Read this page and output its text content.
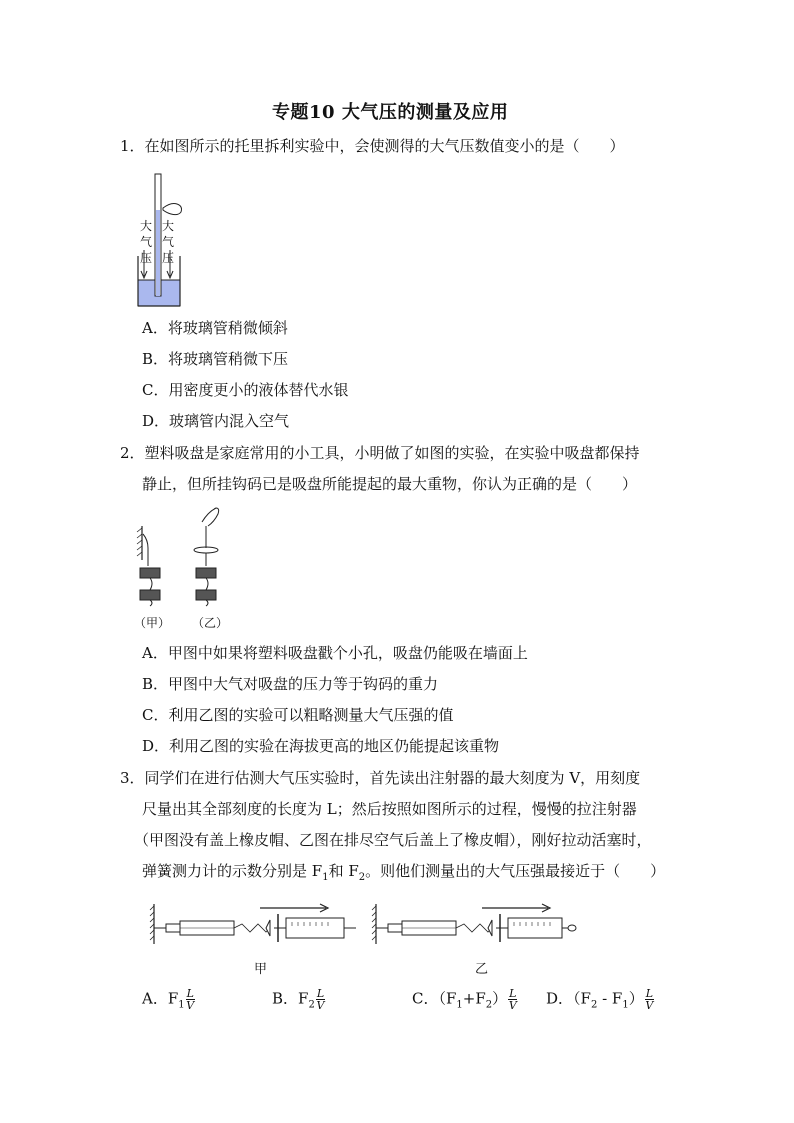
专题10 大气压的测量及应用
1．在如图所示的托里拆利实验中，会使测得的大气压数值变小的是（　　）
大气压
大气压
A．将玻璃管稍微倾斜
B．将玻璃管稍微下压
C．用密度更小的液体替代水银
D．玻璃管内混入空气
2．塑料吸盘是家庭常用的小工具，小明做了如图的实验，在实验中吸盘都保持
静止，但所挂钩码已是吸盘所能提起的最大重物，你认为正确的是（　　）
（甲） （乙）
A．甲图中如果将塑料吸盘戳个小孔，吸盘仍能吸在墙面上
B．甲图中大气对吸盘的压力等于钩码的重力
C．利用乙图的实验可以粗略测量大气压强的值
D．利用乙图的实验在海拔更高的地区仍能提起该重物
3．同学们在进行估测大气压实验时，首先读出注射器的最大刻度为 V，用刻度
尺量出其全部刻度的长度为 L；然后按照如图所示的过程，慢慢的拉注射器
（甲图没有盖上橡皮帽、乙图在排尽空气后盖上了橡皮帽），刚好拉动活塞时，
弹簧测力计的示数分别是 $F_1$和 $F_2$。则他们测量出的大气压强最接近于（　　）
甲	乙
A．$F_1 \frac{L}{V}$	B．$F_2 \frac{L}{V}$	C．$(F_1+F_2) \frac{L}{V}$ D．$(F_2 - F_1) \frac{L}{V}$
